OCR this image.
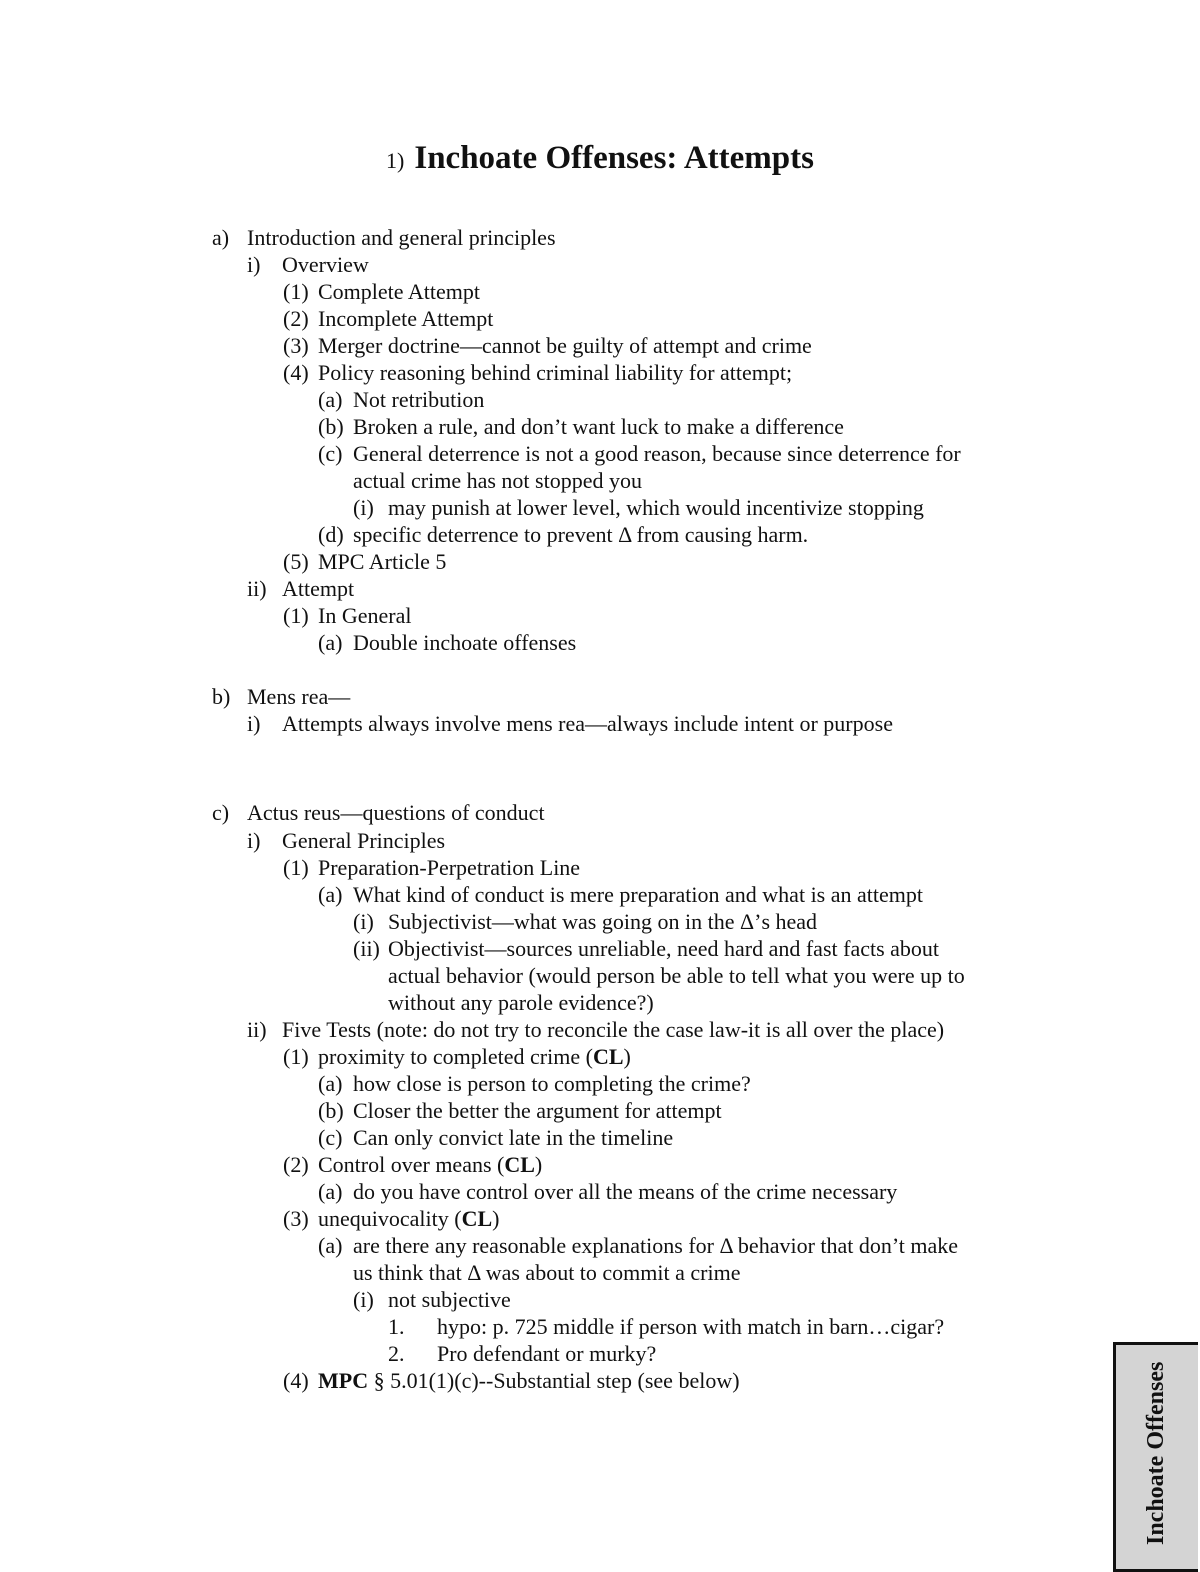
1) Inchoate Offenses: Attempts
a) Introduction and general principles
i) Overview
(1) Complete Attempt
(2) Incomplete Attempt
(3) Merger doctrine—cannot be guilty of attempt and crime
(4) Policy reasoning behind criminal liability for attempt;
(a) Not retribution
(b) Broken a rule, and don’t want luck to make a difference
(c) General deterrence is not a good reason, because since deterrence for
actual crime has not stopped you
(i) may punish at lower level, which would incentivize stopping
(d) specific deterrence to prevent Δ from causing harm.
(5) MPC Article 5
ii) Attempt
(1) In General
(a) Double inchoate offenses
b) Mens rea—
i) Attempts always involve mens rea—always include intent or purpose
c) Actus reus—questions of conduct
i) General Principles
(1) Preparation-Perpetration Line
(a) What kind of conduct is mere preparation and what is an attempt
(i) Subjectivist—what was going on in the Δ’s head
(ii) Objectivist—sources unreliable, need hard and fast facts about
actual behavior (would person be able to tell what you were up to
without any parole evidence?)
ii) Five Tests (note: do not try to reconcile the case law-it is all over the place)
(1) proximity to completed crime (CL)
(a) how close is person to completing the crime?
(b) Closer the better the argument for attempt
(c) Can only convict late in the timeline
(2) Control over means (CL)
(a) do you have control over all the means of the crime necessary
(3) unequivocality (CL)
(a) are there any reasonable explanations for Δ behavior that don’t make
us think that Δ was about to commit a crime
(i) not subjective
1. hypo: p. 725 middle if person with match in barn…cigar?
2. Pro defendant or murky?
(4) MPC § 5.01(1)(c)--Substantial step (see below)	Inchoate Offenses
